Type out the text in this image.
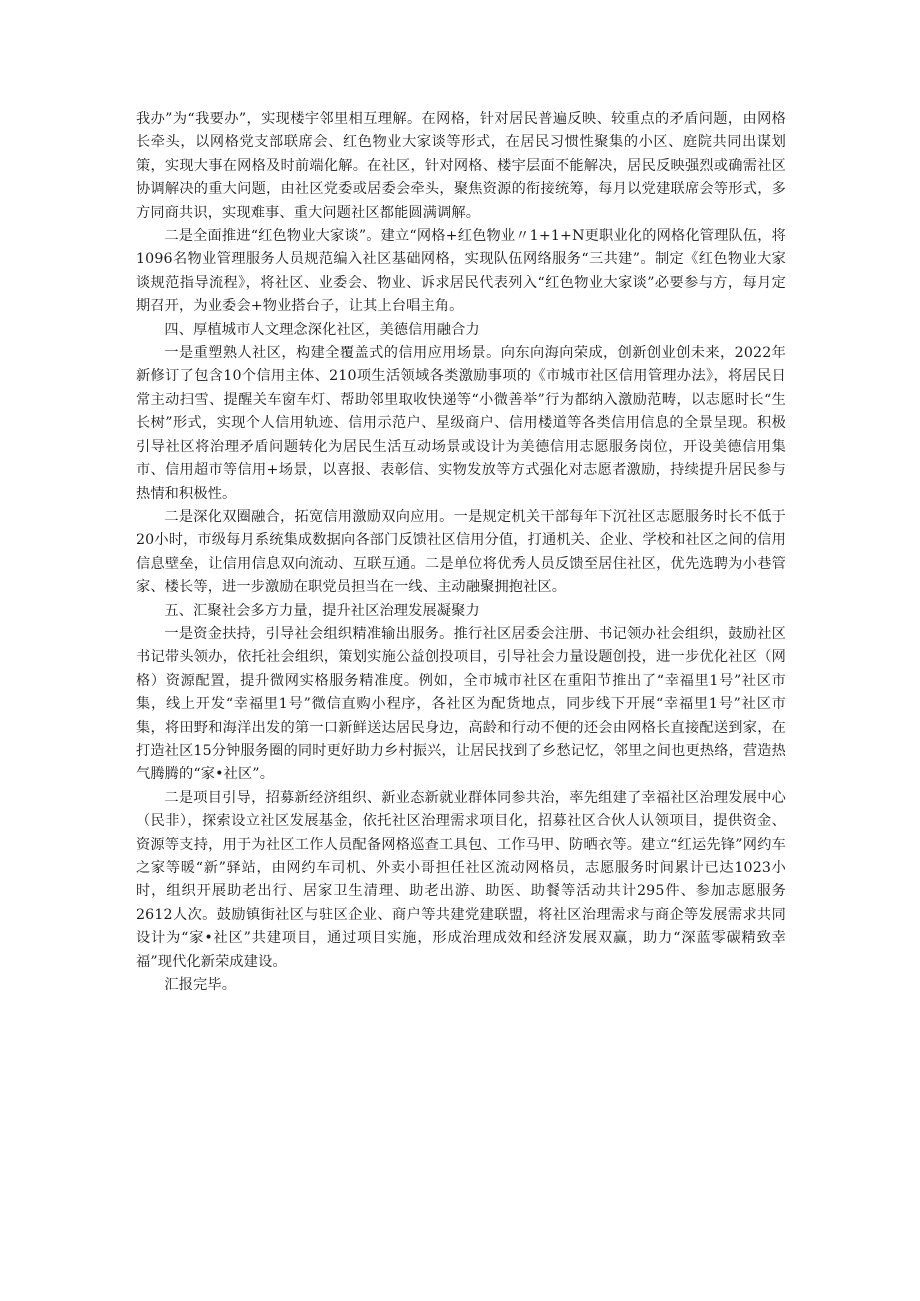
我办”为“我要办”，实现楼宇邻里相互理解。在网格，针对居民普遍反映、较重点的矛盾问题，由网格长牵头，以网格党支部联席会、红色物业大家谈等形式，在居民习惯性聚集的小区、庭院共同出谋划策，实现大事在网格及时前端化解。在社区，针对网格、楼宇层面不能解决，居民反映强烈或确需社区协调解决的重大问题，由社区党委或居委会牵头，聚焦资源的衔接统筹，每月以党建联席会等形式，多方同商共识，实现难事、重大问题社区都能圆满调解。

二是全面推进“红色物业大家谈”。建立“网格+红色物业〃1+1+N更职业化的网格化管理队伍，将1096名物业管理服务人员规范编入社区基础网格，实现队伍网络服务“三共建”。制定《红色物业大家谈规范指导流程》，将社区、业委会、物业、诉求居民代表列入“红色物业大家谈”必要参与方，每月定期召开，为业委会+物业搭台子，让其上台唱主角。

四、厚植城市人文理念深化社区，美德信用融合力

一是重塑熟人社区，构建全覆盖式的信用应用场景。向东向海向荣成，创新创业创未来，2022年新修订了包含10个信用主体、210项生活领域各类激励事项的《市城市社区信用管理办法》，将居民日常主动扫雪、提醒关车窗车灯、帮助邻里取收快递等“小微善举”行为都纳入激励范畴，以志愿时长“生长树”形式，实现个人信用轨迹、信用示范户、星级商户、信用楼道等各类信用信息的全景呈现。积极引导社区将治理矛盾问题转化为居民生活互动场景或设计为美德信用志愿服务岗位，开设美德信用集市、信用超市等信用+场景，以喜报、表彰信、实物发放等方式强化对志愿者激励，持续提升居民参与热情和积极性。

二是深化双圈融合，拓宽信用激励双向应用。一是规定机关干部每年下沉社区志愿服务时长不低于20小时，市级每月系统集成数据向各部门反馈社区信用分值，打通机关、企业、学校和社区之间的信用信息壁垒，让信用信息双向流动、互联互通。二是单位将优秀人员反馈至居住社区，优先选聘为小巷管家、楼长等，进一步激励在职党员担当在一线、主动融聚拥抱社区。

五、汇聚社会多方力量，提升社区治理发展凝聚力

一是资金扶持，引导社会组织精准输出服务。推行社区居委会注册、书记领办社会组织，鼓励社区书记带头领办，依托社会组织，策划实施公益创投项目，引导社会力量设题创投，进一步优化社区（网格）资源配置，提升微网实格服务精准度。例如，全市城市社区在重阳节推出了“幸福里1号”社区市集，线上开发“幸福里1号”微信直购小程序，各社区为配货地点，同步线下开展“幸福里1号”社区市集，将田野和海洋出发的第一口新鲜送达居民身边，高龄和行动不便的还会由网格长直接配送到家，在打造社区15分钟服务圈的同时更好助力乡村振兴，让居民找到了乡愁记忆，邻里之间也更热络，营造热气腾腾的“家•社区”。

二是项目引导，招募新经济组织、新业态新就业群体同参共治，率先组建了幸福社区治理发展中心（民非），探索设立社区发展基金，依托社区治理需求项目化，招募社区合伙人认领项目，提供资金、资源等支持，用于为社区工作人员配备网格巡查工具包、工作马甲、防晒衣等。建立“红运先锋”网约车之家等暖“新”驿站，由网约车司机、外卖小哥担任社区流动网格员，志愿服务时间累计已达1023小时，组织开展助老出行、居家卫生清理、助老出游、助医、助餐等活动共计295件、参加志愿服务2612人次。鼓励镇街社区与驻区企业、商户等共建党建联盟，将社区治理需求与商企等发展需求共同设计为“家•社区”共建项目，通过项目实施，形成治理成效和经济发展双赢，助力“深蓝零碳精致幸福”现代化新荣成建设。

汇报完毕。
